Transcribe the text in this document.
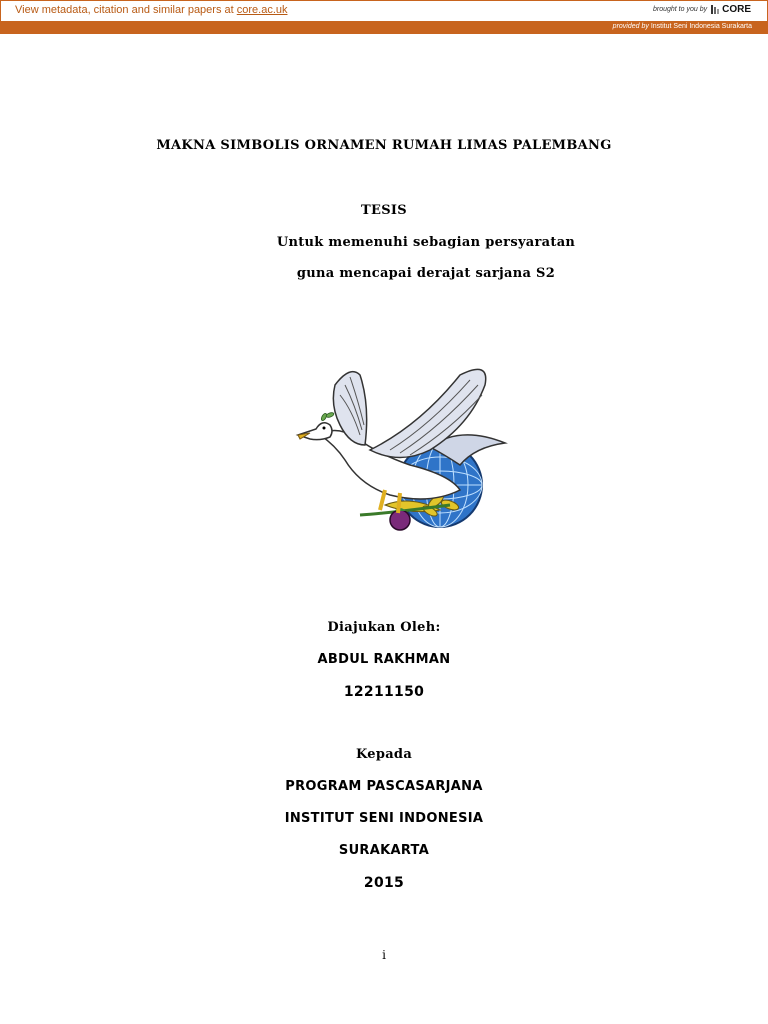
View metadata, citation and similar papers at core.ac.uk	brought to you by CORE
provided by Institut Seni Indonesia Surakarta
MAKNA SIMBOLIS ORNAMEN RUMAH LIMAS PALEMBANG
TESIS
Untuk memenuhi sebagian persyaratan
guna mencapai derajat sarjana S2
Diajukan Oleh:
ABDUL RAKHMAN
12211150
Kepada
PROGRAM PASCASARJANA
INSTITUT SENI INDONESIA
SURAKARTA
2015
i
